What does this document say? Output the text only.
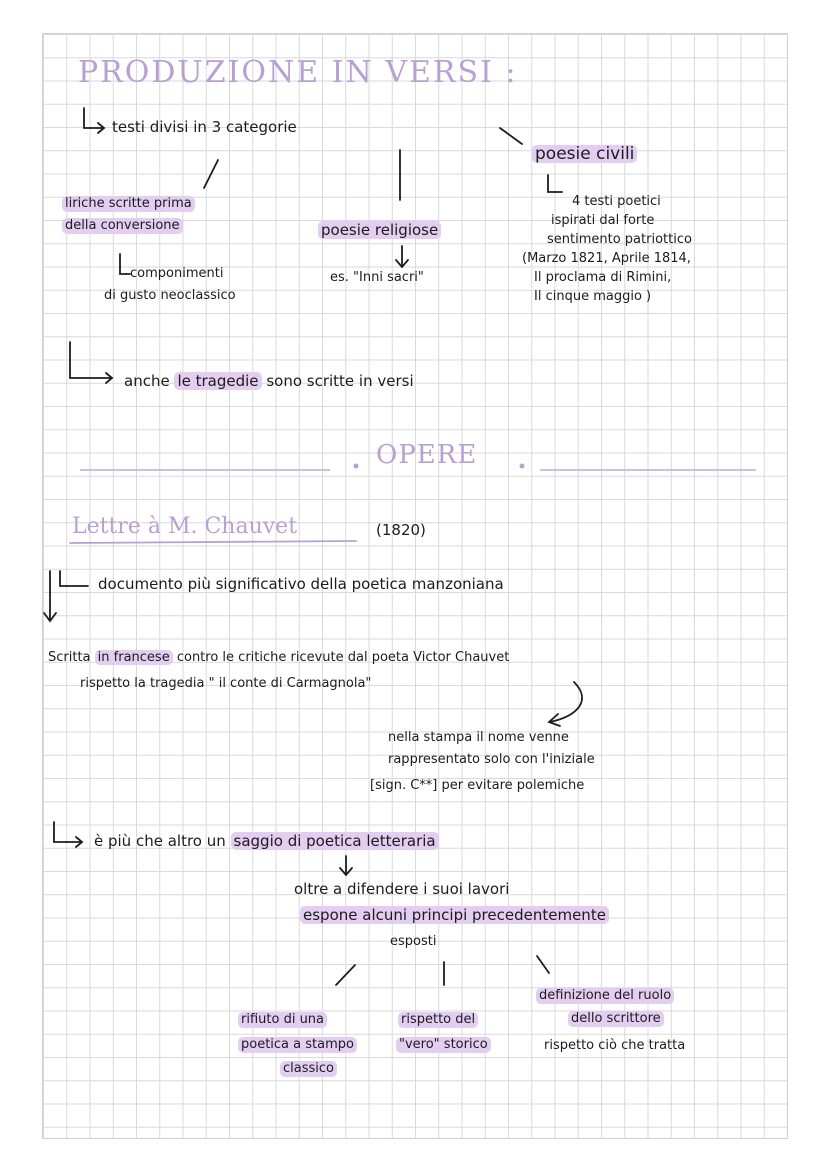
PRODUZIONE IN VERSI :
testi divisi in 3 categorie
poesie civili
4 testi poetici
ispirati dal forte
sentimento patriottico
(Marzo 1821, Aprile 1814,
Il proclama di Rimini,
Il cinque maggio )
liriche scritte prima
della conversione
componimenti
di gusto neoclassico
poesie religiose
es. "Inni sacri"
anche le tragedie sono scritte in versi
OPERE
Lettre à M. Chauvet	(1820)
documento più significativo della poetica manzoniana
Scritta in francese contro le critiche ricevute dal poeta Victor Chauvet
rispetto la tragedia " il conte di Carmagnola"
nella stampa il nome venne
rappresentato solo con l'iniziale
[sign. C**] per evitare polemiche
è più che altro un saggio di poetica letteraria
oltre a difendere i suoi lavori
espone alcuni principi precedentemente
esposti
definizione del ruolo
dello scrittore
rispetto ciò che tratta
rifiuto di una
poetica a stampo
classico
rispetto del
"vero" storico
